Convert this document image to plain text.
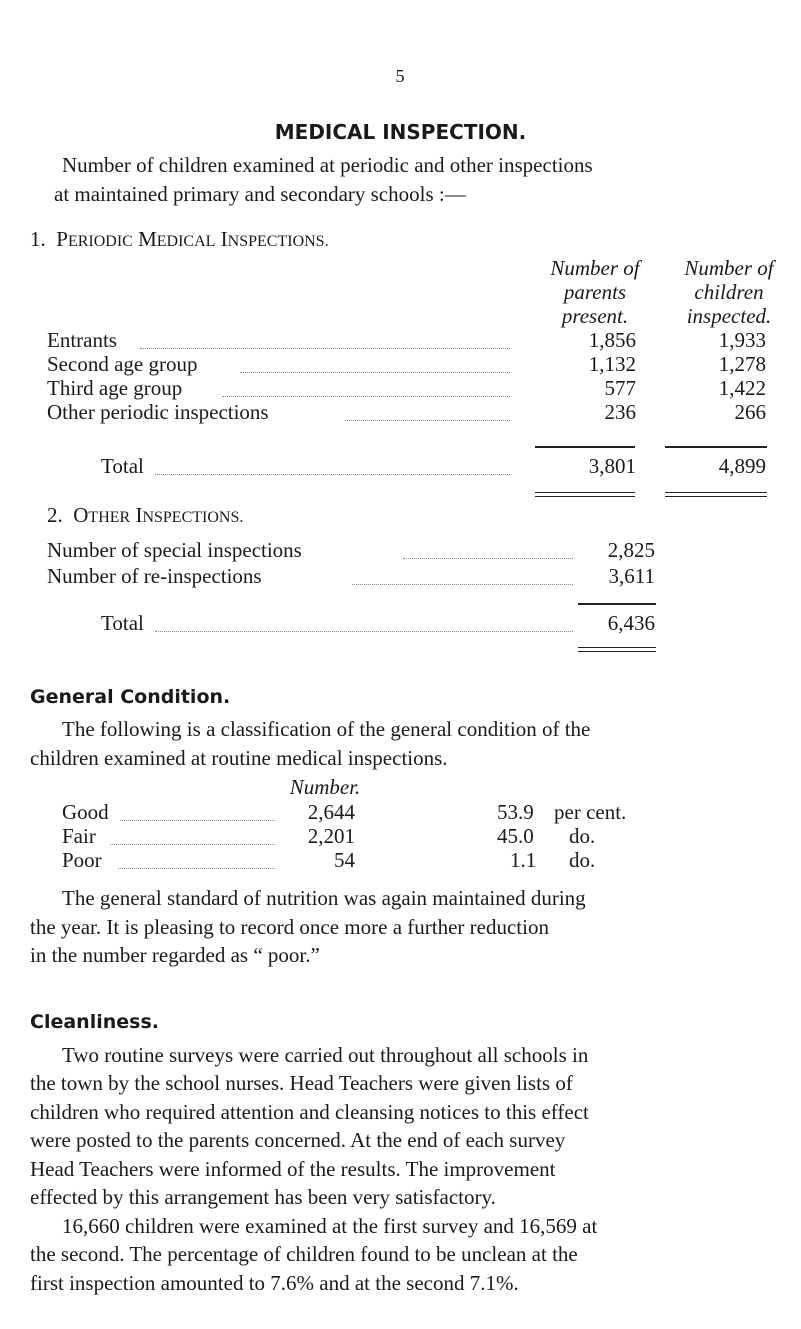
5
MEDICAL INSPECTION.
Number of children examined at periodic and other inspections
at maintained primary and secondary schools :—
1. PERIODIC MEDICAL INSPECTIONS.
Number of
parents
present.
Number of
children
inspected.
Entrants	1,856	1,933
Second age group	1,132	1,278
Third age group	577	1,422
Other periodic inspections	236	266
Total	3,801	4,899
2. OTHER INSPECTIONS.
Number of special inspections	2,825
Number of re-inspections	3,611
Total	6,436
General Condition.
The following is a classification of the general condition of the
children examined at routine medical inspections.
Number.
Good	2,644	53.9 per cent.
Fair	2,201	45.0 do.
Poor	54	1.1 do.
The general standard of nutrition was again maintained during
the year. It is pleasing to record once more a further reduction
in the number regarded as “ poor.”
Cleanliness.
Two routine surveys were carried out throughout all schools in
the town by the school nurses. Head Teachers were given lists of
children who required attention and cleansing notices to this effect
were posted to the parents concerned. At the end of each survey
Head Teachers were informed of the results. The improvement
effected by this arrangement has been very satisfactory.
16,660 children were examined at the first survey and 16,569 at
the second. The percentage of children found to be unclean at the
first inspection amounted to 7.6% and at the second 7.1%.
